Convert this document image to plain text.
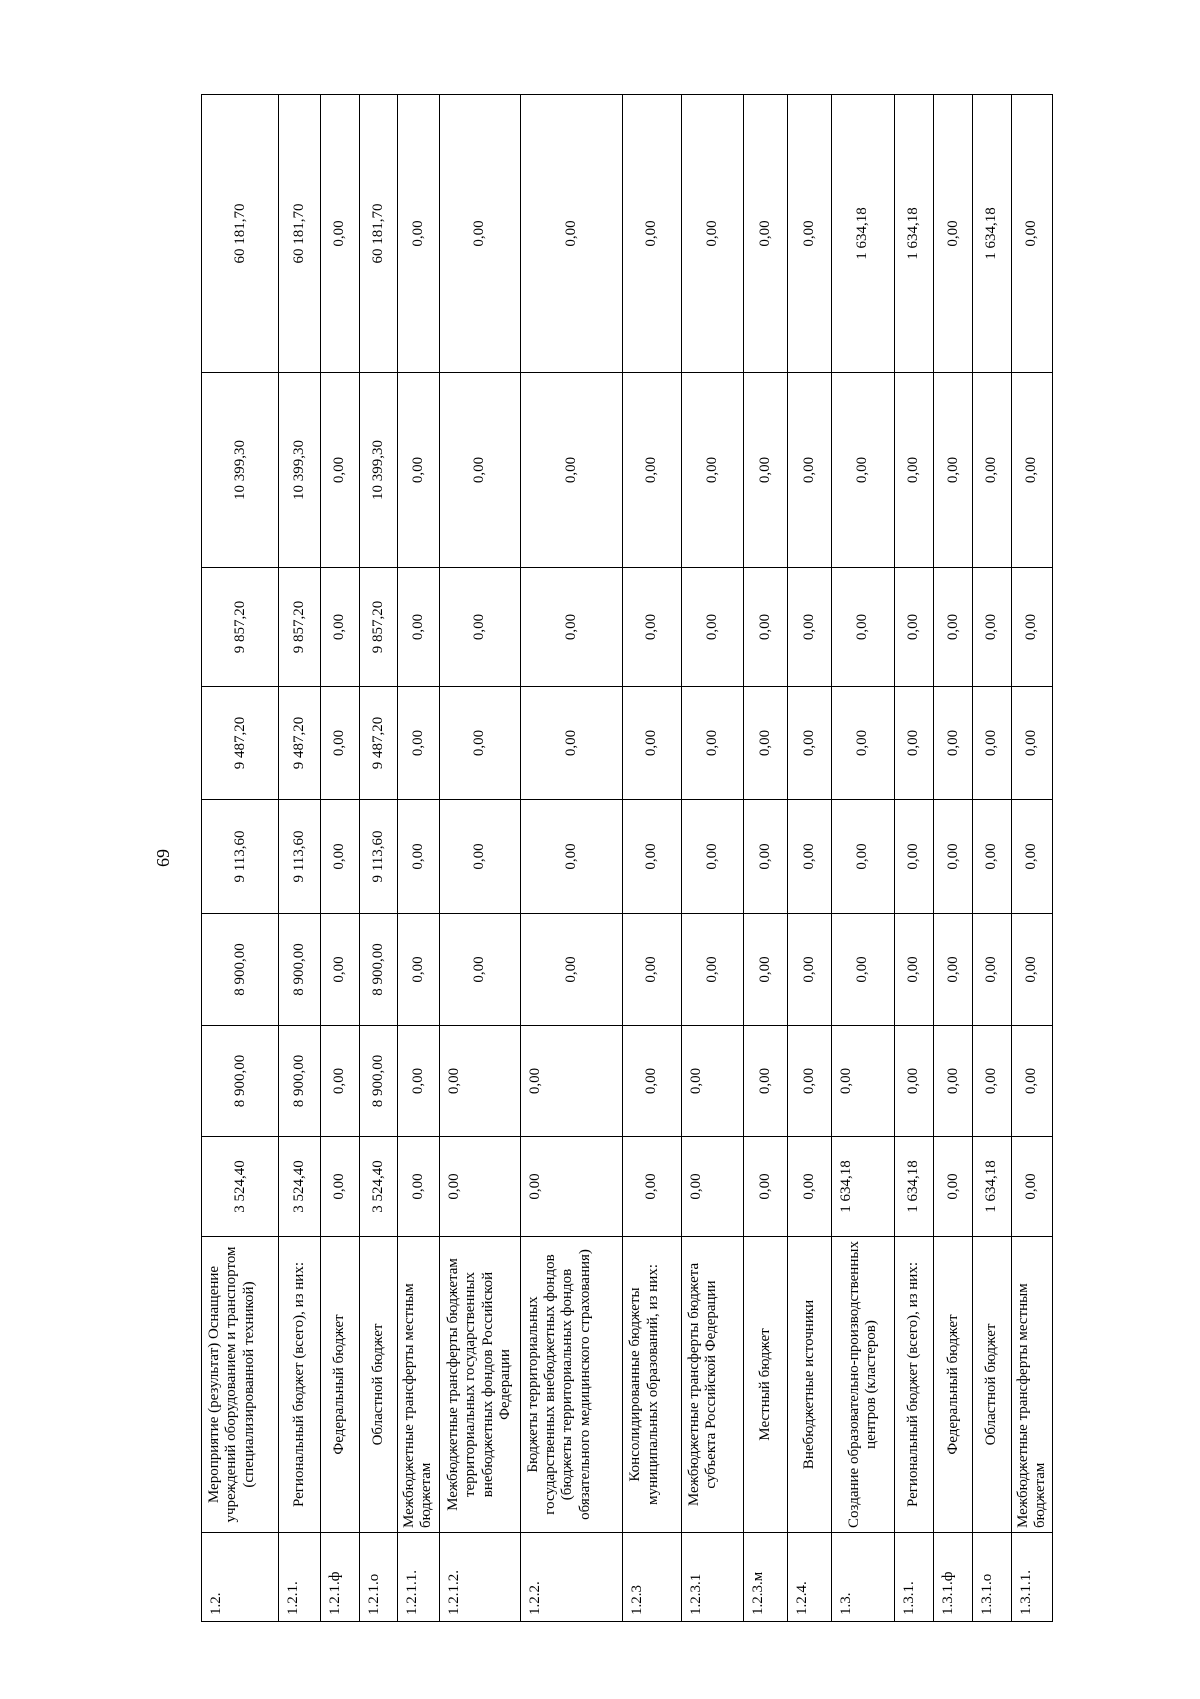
69
1.2.	Мероприятие (результат) Оснащение учреждений оборудованием и транспортом (специализированной техникой)	3 524,40	8 900,00	8 900,00	9 113,60	9 487,20	9 857,20	10 399,30	60 181,70
1.2.1.	Региональный бюджет (всего), из них:	3 524,40	8 900,00	8 900,00	9 113,60	9 487,20	9 857,20	10 399,30	60 181,70
1.2.1.ф	Федеральный бюджет	0,00	0,00	0,00	0,00	0,00	0,00	0,00	0,00
1.2.1.о	Областной бюджет	3 524,40	8 900,00	8 900,00	9 113,60	9 487,20	9 857,20	10 399,30	60 181,70
1.2.1.1.	Межбюджетные трансферты местным бюджетам	0,00	0,00	0,00	0,00	0,00	0,00	0,00	0,00
1.2.1.2.	Межбюджетные трансферты бюджетам территориальных государственных внебюджетных фондов Российской Федерации	0,00	0,00	0,00	0,00	0,00	0,00	0,00	0,00
1.2.2.	Бюджеты территориальных государственных внебюджетных фондов (бюджеты территориальных фондов обязательного медицинского страхования)	0,00	0,00	0,00	0,00	0,00	0,00	0,00	0,00
1.2.3	Консолидированные бюджеты муниципальных образований, из них:	0,00	0,00	0,00	0,00	0,00	0,00	0,00	0,00
1.2.3.1	Межбюджетные трансферты бюджета субъекта Российской Федерации	0,00	0,00	0,00	0,00	0,00	0,00	0,00	0,00
1.2.3.м	Местный бюджет	0,00	0,00	0,00	0,00	0,00	0,00	0,00	0,00
1.2.4.	Внебюджетные источники	0,00	0,00	0,00	0,00	0,00	0,00	0,00	0,00
1.3.	Создание образовательно-производственных центров (кластеров)	1 634,18	0,00	0,00	0,00	0,00	0,00	0,00	1 634,18
1.3.1.	Региональный бюджет (всего), из них:	1 634,18	0,00	0,00	0,00	0,00	0,00	0,00	1 634,18
1.3.1.ф	Федеральный бюджет	0,00	0,00	0,00	0,00	0,00	0,00	0,00	0,00
1.3.1.о	Областной бюджет	1 634,18	0,00	0,00	0,00	0,00	0,00	0,00	1 634,18
1.3.1.1.	Межбюджетные трансферты местным бюджетам	0,00	0,00	0,00	0,00	0,00	0,00	0,00	0,00
